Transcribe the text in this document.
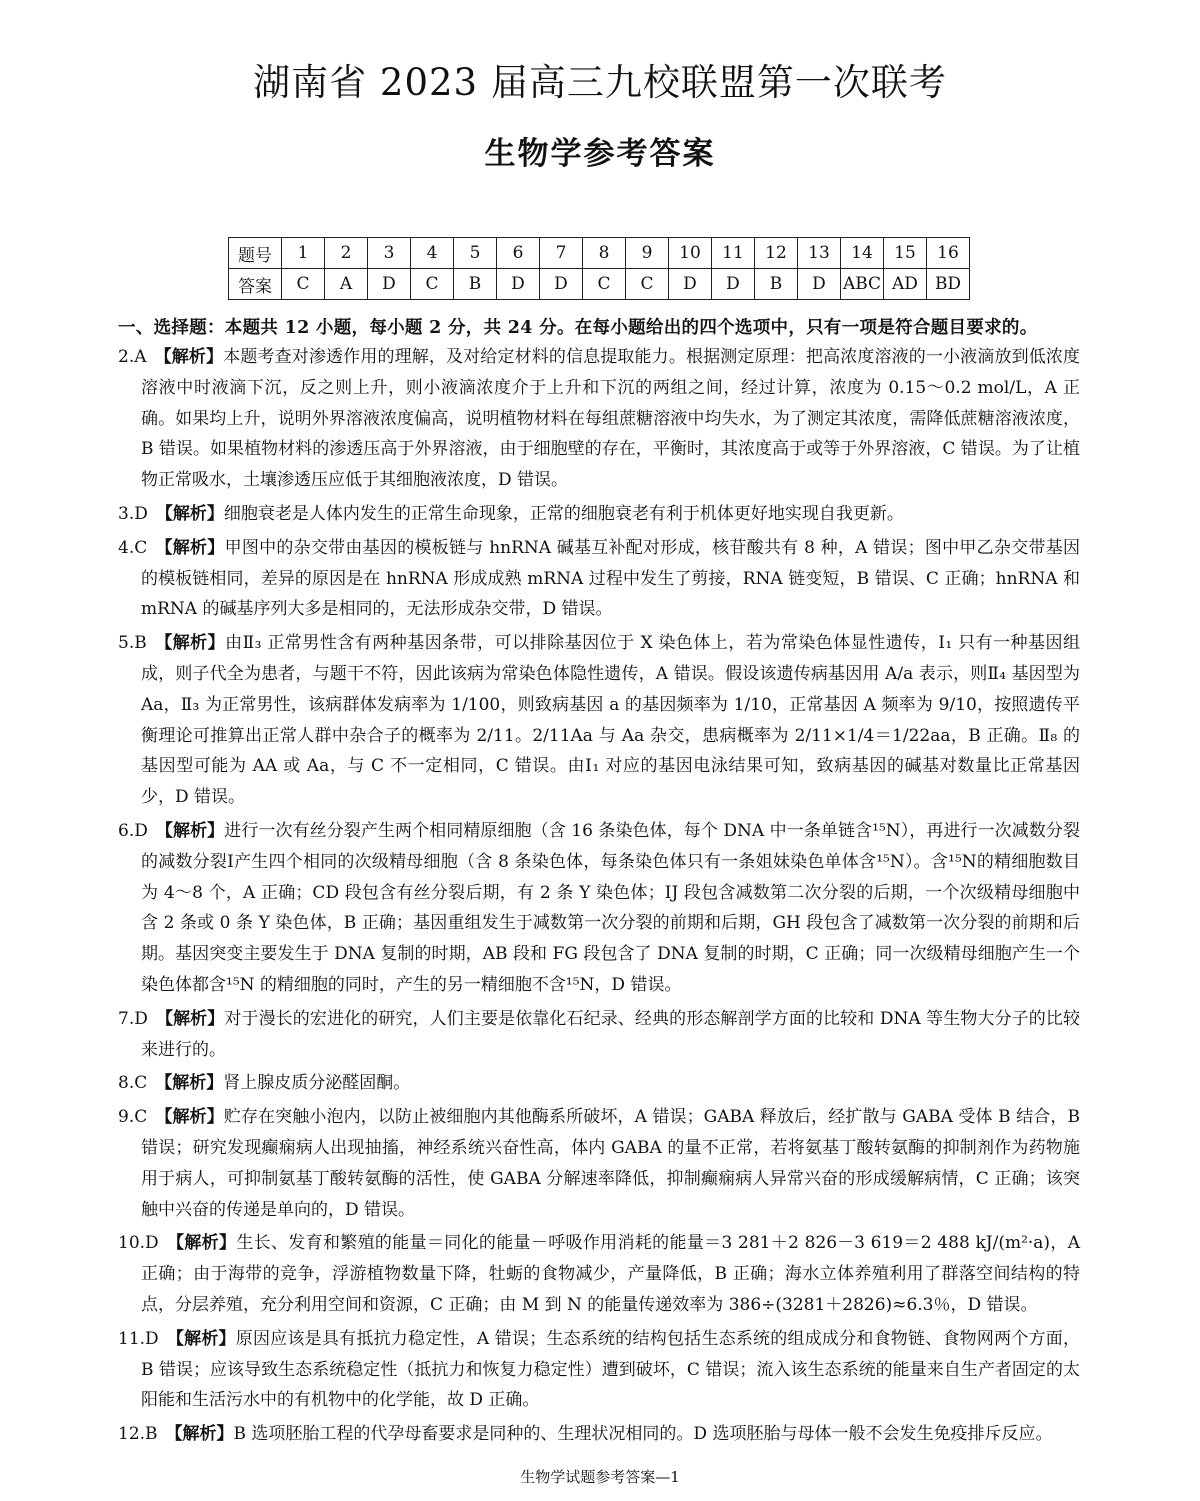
湖南省 2023 届高三九校联盟第一次联考
生物学参考答案
题号	1	2	3	4	5	6	7	8	9	10	11	12	13	14	15	16
答案	C	A	D	C	B	D	D	C	C	D	D	B	D	ABC	AD	BD
一、选择题：本题共 12 小题，每小题 2 分，共 24 分。在每小题给出的四个选项中，只有一项是符合题目要求的。
2.A 【解析】本题考查对渗透作用的理解，及对给定材料的信息提取能力。根据测定原理：把高浓度溶液的一小液滴放到低浓度溶液中时液滴下沉，反之则上升，则小液滴浓度介于上升和下沉的两组之间，经过计算，浓度为 0.15～0.2 mol/L，A 正确。如果均上升，说明外界溶液浓度偏高，说明植物材料在每组蔗糖溶液中均失水，为了测定其浓度，需降低蔗糖溶液浓度，B 错误。如果植物材料的渗透压高于外界溶液，由于细胞壁的存在，平衡时，其浓度高于或等于外界溶液，C 错误。为了让植物正常吸水，土壤渗透压应低于其细胞液浓度，D 错误。
3.D 【解析】细胞衰老是人体内发生的正常生命现象，正常的细胞衰老有利于机体更好地实现自我更新。
4.C 【解析】甲图中的杂交带由基因的模板链与 hnRNA 碱基互补配对形成，核苷酸共有 8 种，A 错误；图中甲乙杂交带基因的模板链相同，差异的原因是在 hnRNA 形成成熟 mRNA 过程中发生了剪接，RNA 链变短，B 错误、C 正确；hnRNA 和 mRNA 的碱基序列大多是相同的，无法形成杂交带，D 错误。
5.B 【解析】由Ⅱ₃ 正常男性含有两种基因条带，可以排除基因位于 X 染色体上，若为常染色体显性遗传，Ⅰ₁ 只有一种基因组成，则子代全为患者，与题干不符，因此该病为常染色体隐性遗传，A 错误。假设该遗传病基因用 A/a 表示，则Ⅱ₄ 基因型为 Aa，Ⅱ₃ 为正常男性，该病群体发病率为 1/100，则致病基因 a 的基因频率为 1/10，正常基因 A 频率为 9/10，按照遗传平衡理论可推算出正常人群中杂合子的概率为 2/11。2/11Aa 与 Aa 杂交，患病概率为 2/11×1/4＝1/22aa，B 正确。Ⅱ₈ 的基因型可能为 AA 或 Aa，与 C 不一定相同，C 错误。由Ⅰ₁ 对应的基因电泳结果可知，致病基因的碱基对数量比正常基因少，D 错误。
6.D 【解析】进行一次有丝分裂产生两个相同精原细胞（含 16 条染色体，每个 DNA 中一条单链含¹⁵N），再进行一次减数分裂的减数分裂Ⅰ产生四个相同的次级精母细胞（含 8 条染色体，每条染色体只有一条姐妹染色单体含¹⁵N）。含¹⁵N的精细胞数目为 4～8 个，A 正确；CD 段包含有丝分裂后期，有 2 条 Y 染色体；IJ 段包含减数第二次分裂的后期，一个次级精母细胞中含 2 条或 0 条 Y 染色体，B 正确；基因重组发生于减数第一次分裂的前期和后期，GH 段包含了减数第一次分裂的前期和后期。基因突变主要发生于 DNA 复制的时期，AB 段和 FG 段包含了 DNA 复制的时期，C 正确；同一次级精母细胞产生一个染色体都含¹⁵N 的精细胞的同时，产生的另一精细胞不含¹⁵N，D 错误。
7.D 【解析】对于漫长的宏进化的研究，人们主要是依靠化石纪录、经典的形态解剖学方面的比较和 DNA 等生物大分子的比较来进行的。
8.C 【解析】肾上腺皮质分泌醛固酮。
9.C 【解析】贮存在突触小泡内，以防止被细胞内其他酶系所破坏，A 错误；GABA 释放后，经扩散与 GABA 受体 B 结合，B 错误；研究发现癫痫病人出现抽搐，神经系统兴奋性高，体内 GABA 的量不正常，若将氨基丁酸转氨酶的抑制剂作为药物施用于病人，可抑制氨基丁酸转氨酶的活性，使 GABA 分解速率降低，抑制癫痫病人异常兴奋的形成缓解病情，C 正确；该突触中兴奋的传递是单向的，D 错误。
10.D 【解析】生长、发育和繁殖的能量＝同化的能量－呼吸作用消耗的能量＝3 281＋2 826－3 619＝2 488 kJ/(m²·a)，A 正确；由于海带的竞争，浮游植物数量下降，牡蛎的食物减少，产量降低，B 正确；海水立体养殖利用了群落空间结构的特点，分层养殖，充分利用空间和资源，C 正确；由 M 到 N 的能量传递效率为 386÷(3281＋2826)≈6.3％，D 错误。
11.D 【解析】原因应该是具有抵抗力稳定性，A 错误；生态系统的结构包括生态系统的组成成分和食物链、食物网两个方面，B 错误；应该导致生态系统稳定性（抵抗力和恢复力稳定性）遭到破坏，C 错误；流入该生态系统的能量来自生产者固定的太阳能和生活污水中的有机物中的化学能，故 D 正确。
12.B 【解析】B 选项胚胎工程的代孕母畜要求是同种的、生理状况相同的。D 选项胚胎与母体一般不会发生免疫排斥反应。
生物学试题参考答案—1
